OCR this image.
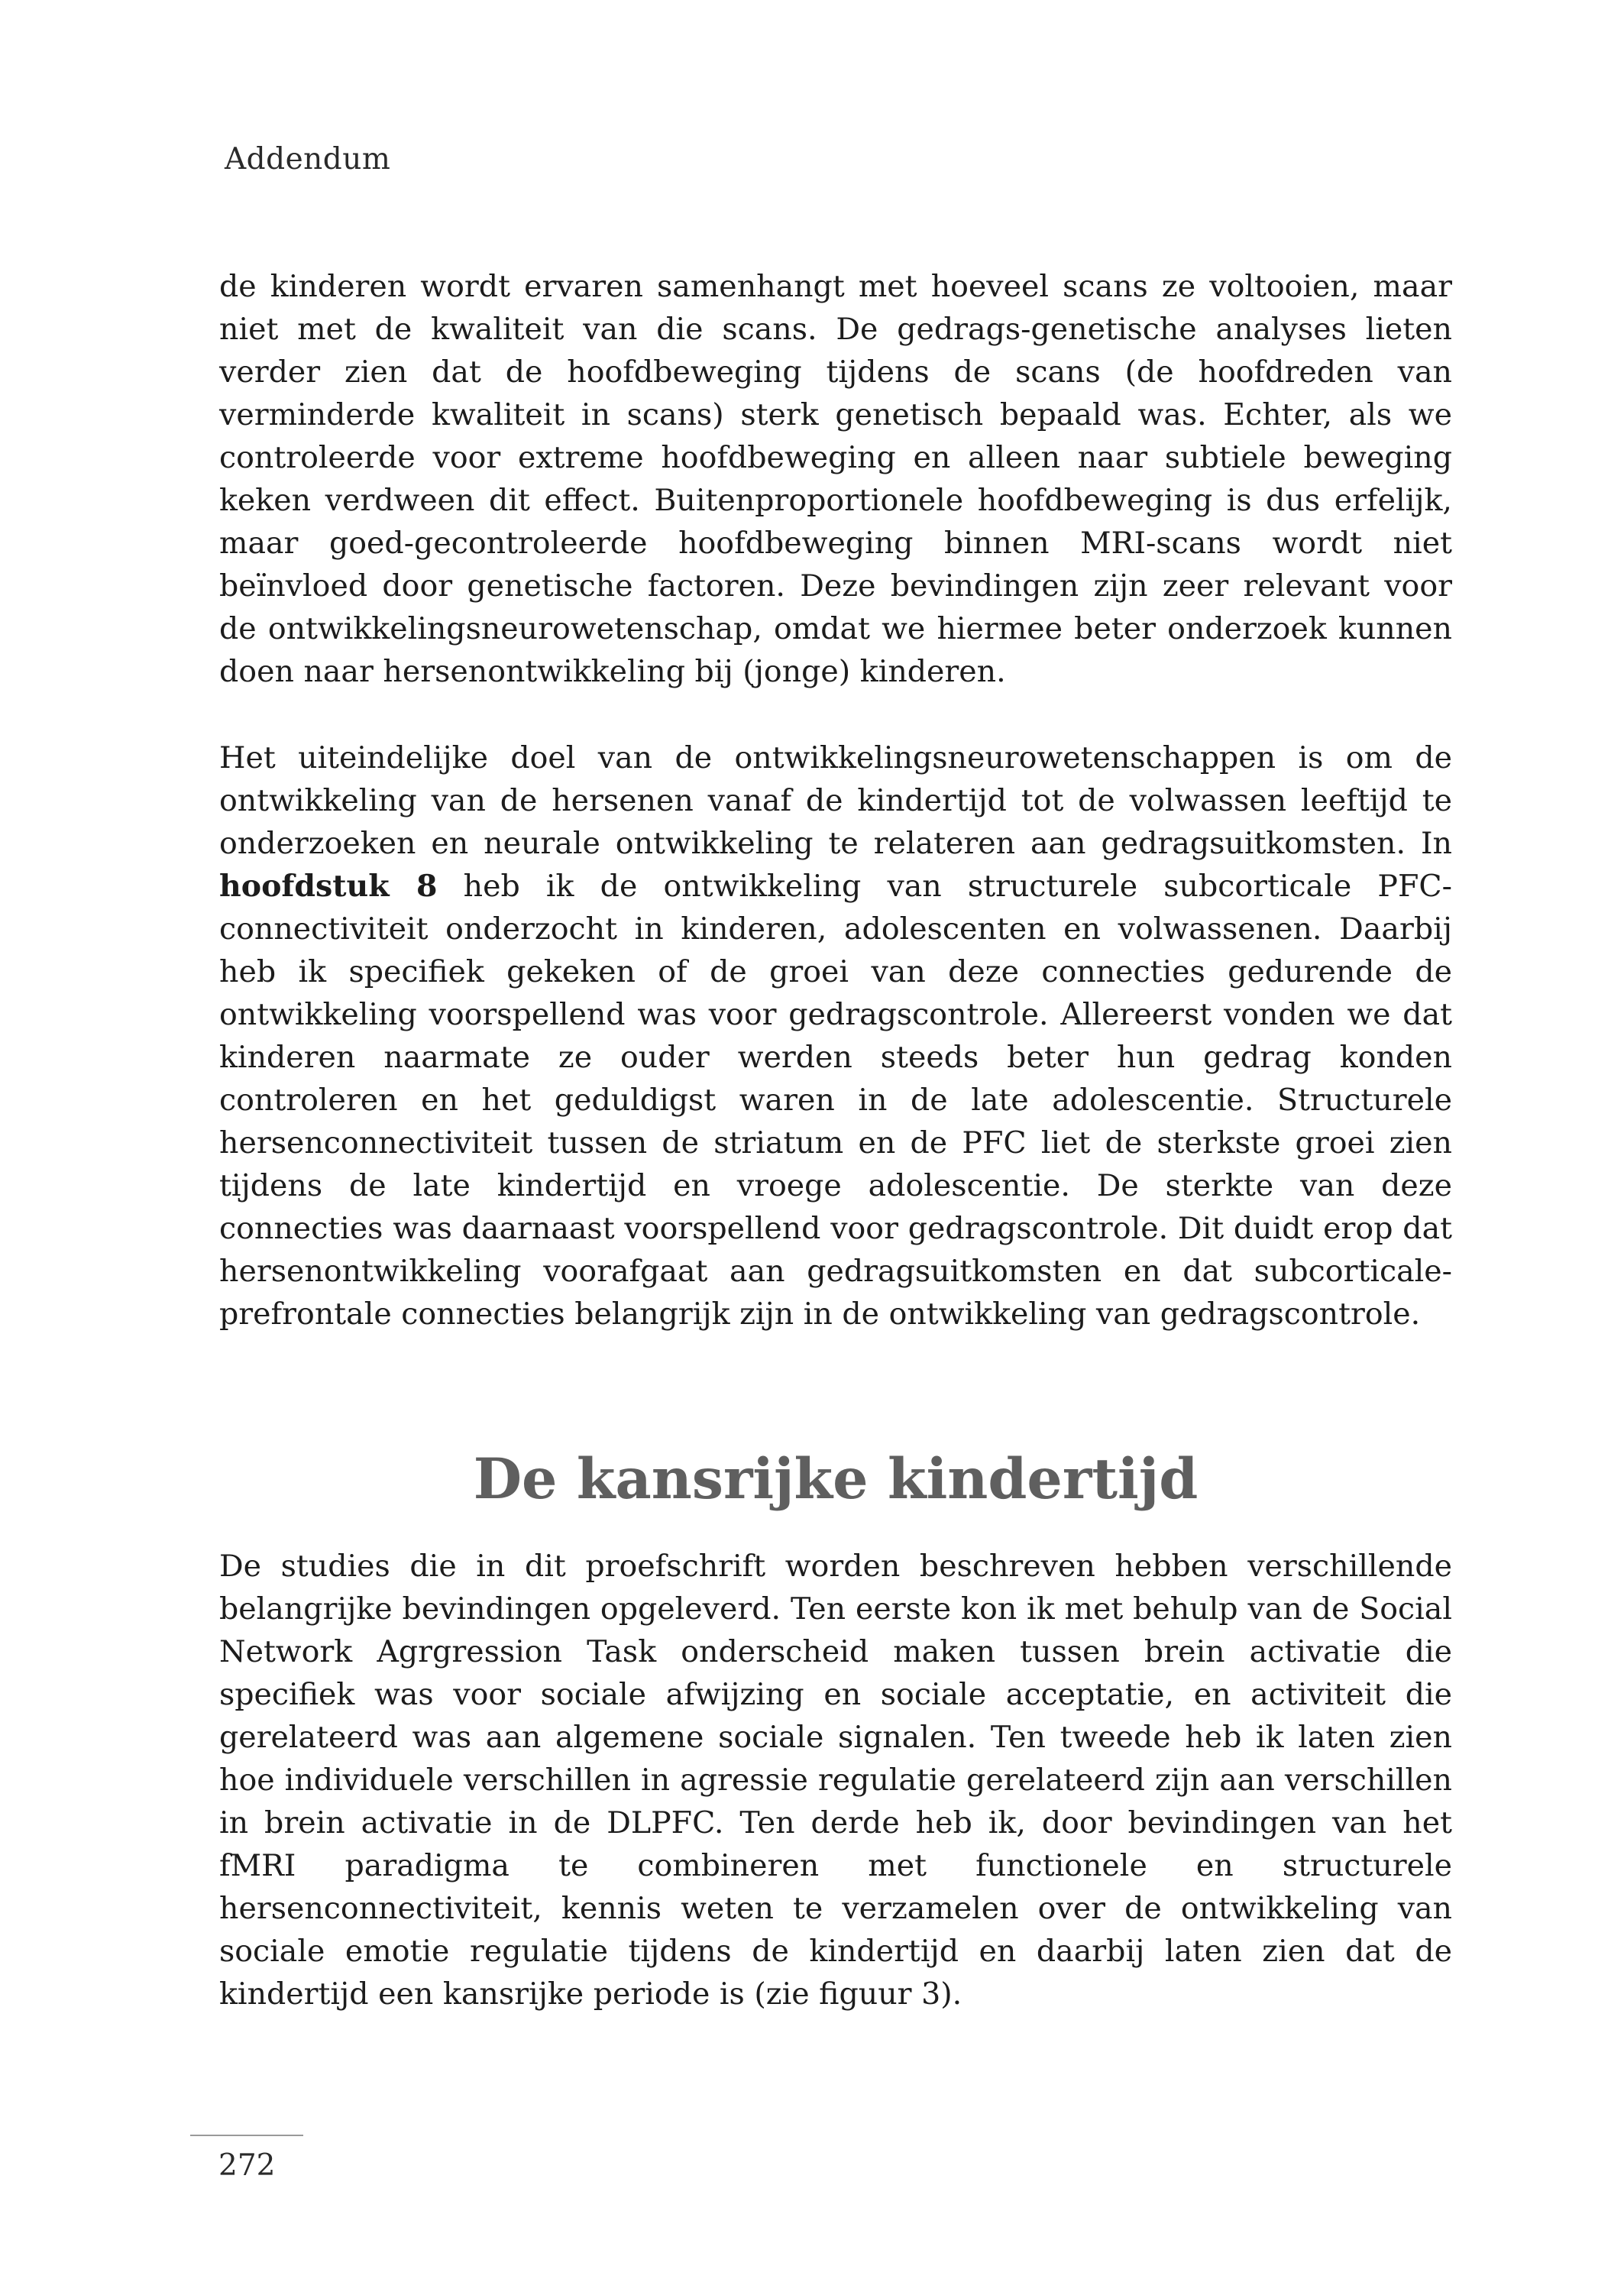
Addendum

de kinderen wordt ervaren samenhangt met hoeveel scans ze voltooien, maar niet met de kwaliteit van die scans. De gedrags-genetische analyses lieten verder zien dat de hoofdbeweging tijdens de scans (de hoofdreden van verminderde kwaliteit in scans) sterk genetisch bepaald was. Echter, als we controleerde voor extreme hoofdbeweging en alleen naar subtiele beweging keken verdween dit effect. Buitenproportionele hoofdbeweging is dus erfelijk, maar goed-gecontroleerde hoofdbeweging binnen MRI-scans wordt niet beïnvloed door genetische factoren. Deze bevindingen zijn zeer relevant voor de ontwikkelingsneurowetenschap, omdat we hiermee beter onderzoek kunnen doen naar hersenontwikkeling bij (jonge) kinderen.

Het uiteindelijke doel van de ontwikkelingsneurowetenschappen is om de ontwikkeling van de hersenen vanaf de kindertijd tot de volwassen leeftijd te onderzoeken en neurale ontwikkeling te relateren aan gedragsuitkomsten. In hoofdstuk 8 heb ik de ontwikkeling van structurele subcorticale PFC-connectiviteit onderzocht in kinderen, adolescenten en volwassenen. Daarbij heb ik specifiek gekeken of de groei van deze connecties gedurende de ontwikkeling voorspellend was voor gedragscontrole. Allereerst vonden we dat kinderen naarmate ze ouder werden steeds beter hun gedrag konden controleren en het geduldigst waren in de late adolescentie. Structurele hersenconnectiviteit tussen de striatum en de PFC liet de sterkste groei zien tijdens de late kindertijd en vroege adolescentie. De sterkte van deze connecties was daarnaast voorspellend voor gedragscontrole. Dit duidt erop dat hersenontwikkeling voorafgaat aan gedragsuitkomsten en dat subcorticale- prefrontale connecties belangrijk zijn in de ontwikkeling van gedragscontrole.

De kansrijke kindertijd

De studies die in dit proefschrift worden beschreven hebben verschillende belangrijke bevindingen opgeleverd. Ten eerste kon ik met behulp van de Social Network Agrgression Task onderscheid maken tussen brein activatie die specifiek was voor sociale afwijzing en sociale acceptatie, en activiteit die gerelateerd was aan algemene sociale signalen. Ten tweede heb ik laten zien hoe individuele verschillen in agressie regulatie gerelateerd zijn aan verschillen in brein activatie in de DLPFC. Ten derde heb ik, door bevindingen van het fMRI paradigma te combineren met functionele en structurele hersenconnectiviteit, kennis weten te verzamelen over de ontwikkeling van sociale emotie regulatie tijdens de kindertijd en daarbij laten zien dat de kindertijd een kansrijke periode is (zie figuur 3).

272
